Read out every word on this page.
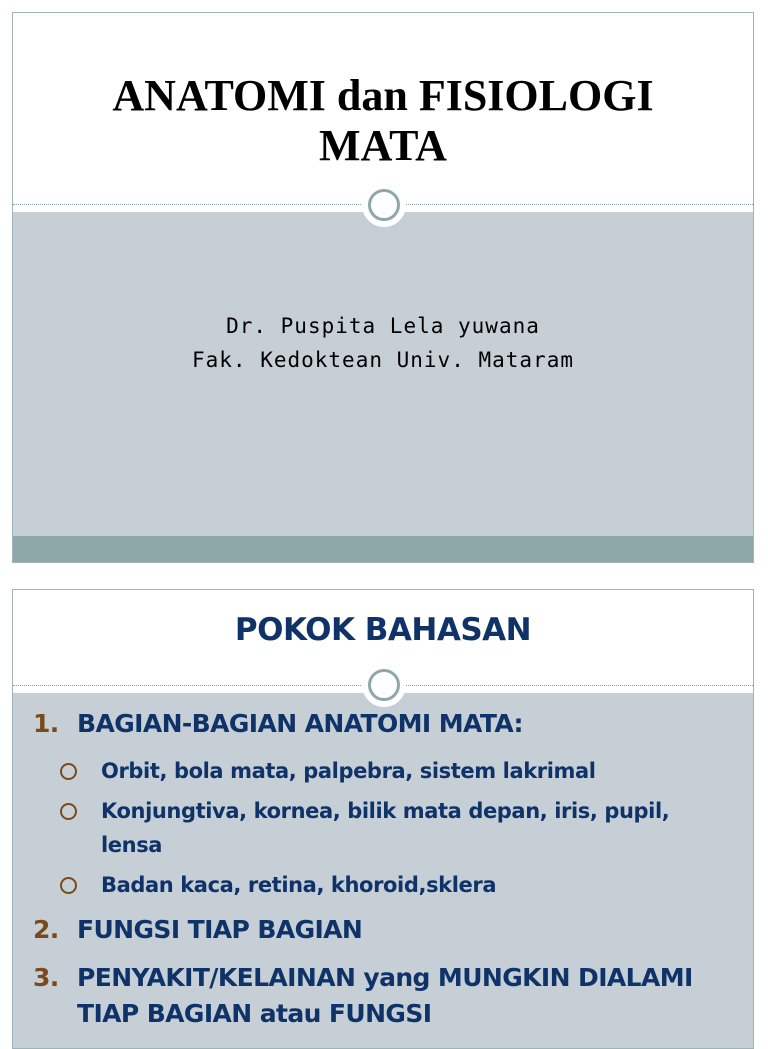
ANATOMI dan FISIOLOGI
MATA
Dr. Puspita Lela yuwana
Fak. Kedoktean Univ. Mataram
POKOK BAHASAN
1. BAGIAN-BAGIAN ANATOMI MATA:
Orbit, bola mata, palpebra, sistem lakrimal
Konjungtiva, kornea, bilik mata depan, iris, pupil, lensa
Badan kaca, retina, khoroid,sklera
2. FUNGSI TIAP BAGIAN
3. PENYAKIT/KELAINAN yang MUNGKIN DIALAMI TIAP BAGIAN atau FUNGSI
